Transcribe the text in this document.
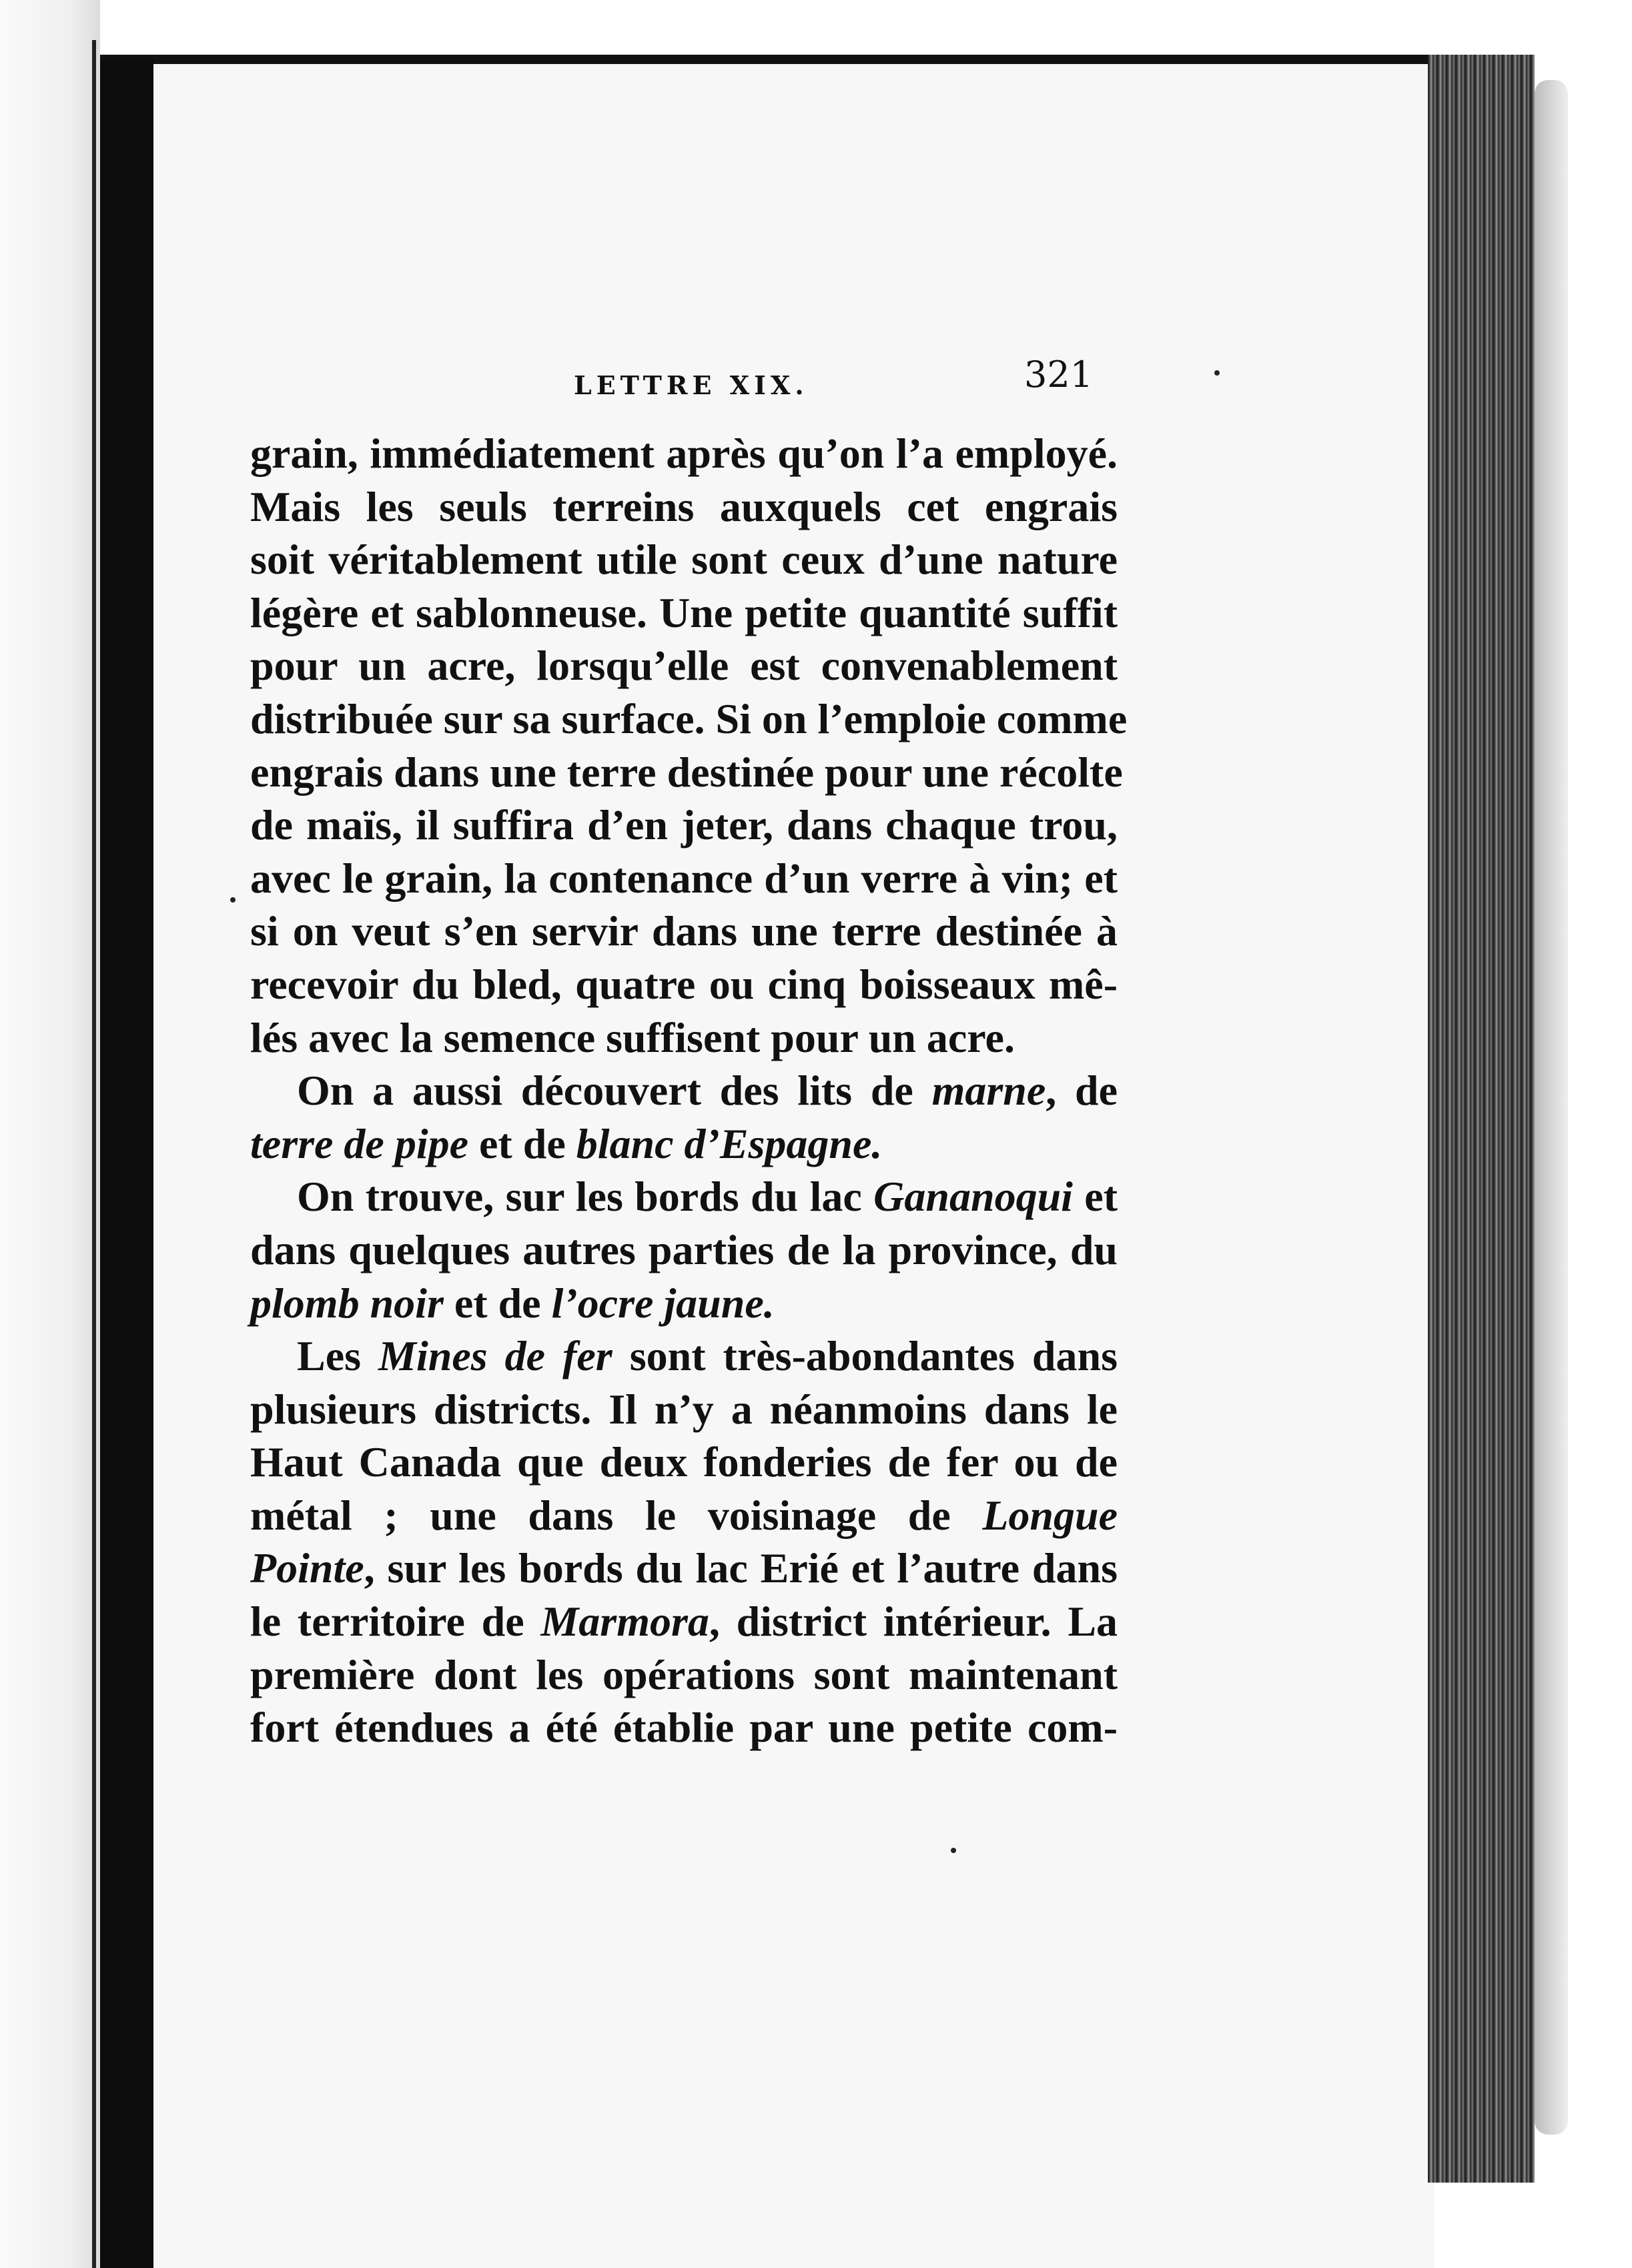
LETTRE XIX.	321
grain, immédiatement après qu’on l’a employé.
Mais les seuls terreins auxquels cet engrais
soit véritablement utile sont ceux d’une nature
légère et sablonneuse. Une petite quantité suffit
pour un acre, lorsqu’elle est convenablement
distribuée sur sa surface. Si on l’emploie comme
engrais dans une terre destinée pour une récolte
de maïs, il suffira d’en jeter, dans chaque trou,
avec le grain, la contenance d’un verre à vin; et
si on veut s’en servir dans une terre destinée à
recevoir du bled, quatre ou cinq boisseaux mê-
lés avec la semence suffisent pour un acre.
On a aussi découvert des lits de marne, de
terre de pipe et de blanc d’Espagne.
On trouve, sur les bords du lac Gananoqui et
dans quelques autres parties de la province, du
plomb noir et de l’ocre jaune.
Les Mines de fer sont très-abondantes dans
plusieurs districts. Il n’y a néanmoins dans le
Haut Canada que deux fonderies de fer ou de
métal ; une dans le voisinage de Longue
Pointe, sur les bords du lac Erié et l’autre dans
le territoire de Marmora, district intérieur. La
première dont les opérations sont maintenant
fort étendues a été établie par une petite com-
